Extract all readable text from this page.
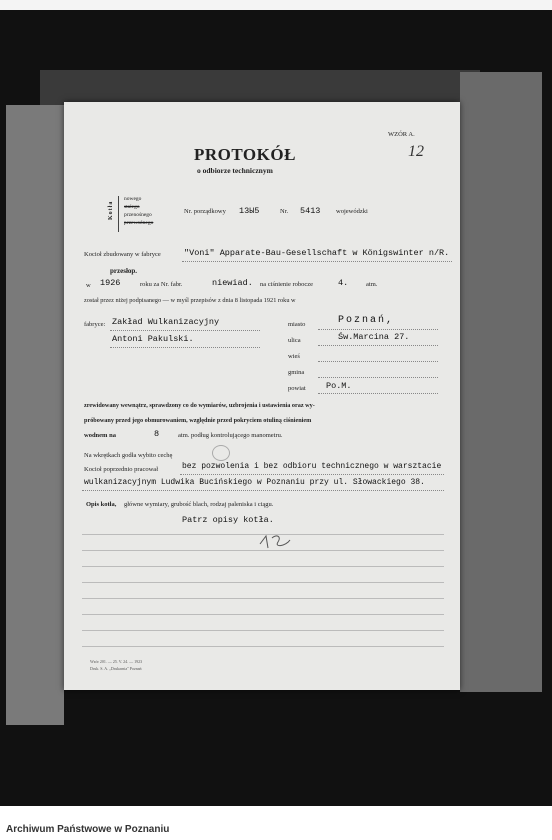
WZÓR A.
12
PROTOKÓŁ
o odbiorze technicznym
Kotła
nowego
stałego
przenośnego
przewoźnego
Nr. porządkowy 13Ы5	Nr. 5413 wojewódzki
Kocioł zbudowany w fabryce	"Voni" Apparate-Bau-Gesellschaft w Königswinter n/R.
przesłop.
w 1926	roku za Nr. fabr.	niewiad. na ciśnienie robocze	4.	atm.
został przez niżej podpisanego — w myśl przepisów z dnia 8 listopada 1921 roku w
fabryce: Zakład Wulkanizacyjny
Antoni Pakulski.
miasto	Poznań,
ulica	Św.Marcina 27.
wieś
gmina
powiat Po.M.
zrewidowany wewnątrz, sprawdzony co do wymiarów, uzbrojenia i ustawienia oraz wy-
próbowany przed jego obmurowaniem, względnie przed pokryciem otuliną ciśnieniem
wodnem na	8	atm. podług kontrolującego manometru.
Na wkrętkach godła wybito cechę
Kocioł poprzednio pracował	bez pozwolenia i bez odbioru technicznego w warsztacie
wulkanizacyjnym Ludwika Bucińskiego w Poznaniu przy ul. Słowackiego 38.
Opis kotła, główne wymiary, grubość blach, rodzaj paleniska i ciągu.
Patrz opisy kotła.
Wzór 201. — 25. V. 24. — 1923
Druk. S. A. „Drukarnia" Poznań
Archiwum Państwowe w Poznaniu
